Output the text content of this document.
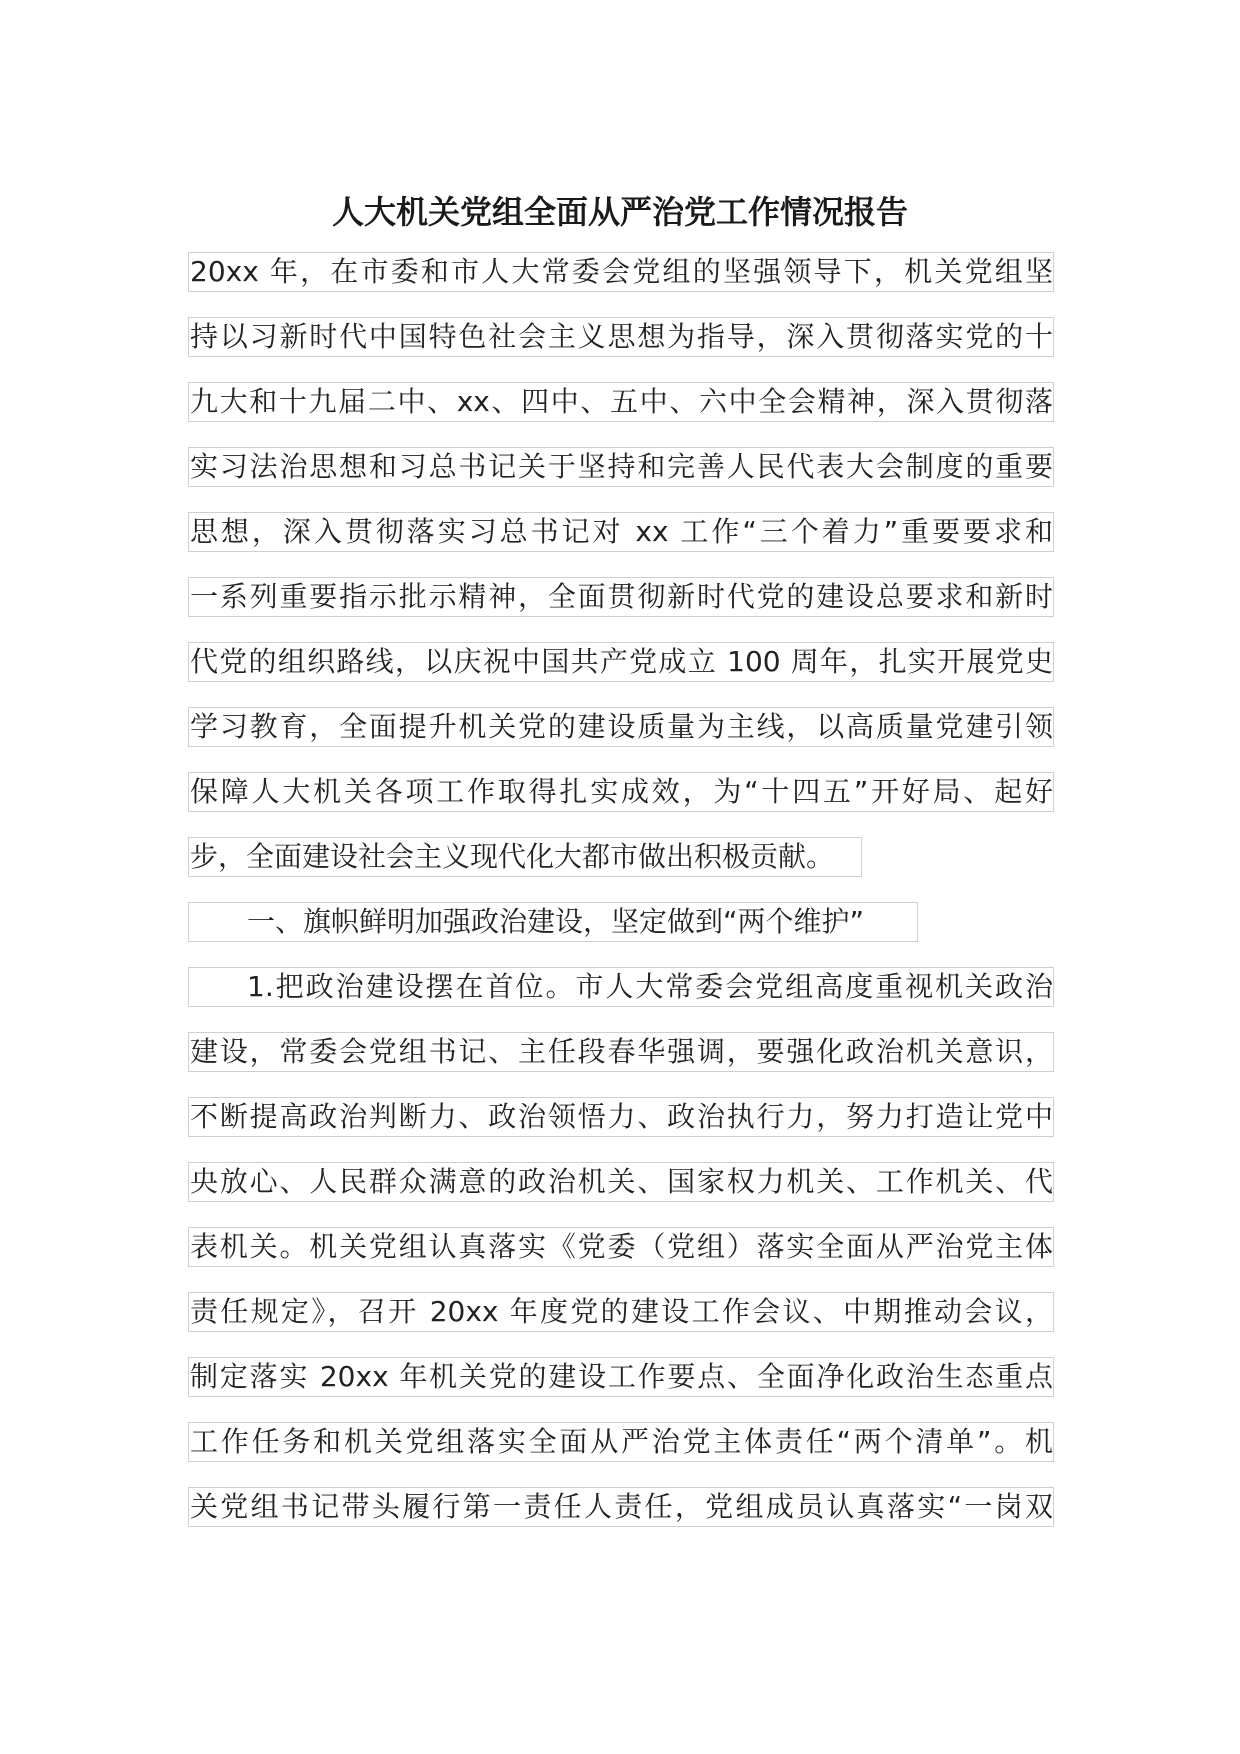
人大机关党组全面从严治党工作情况报告
20xx 年，在市委和市人大常委会党组的坚强领导下，机关党组坚
持以习新时代中国特色社会主义思想为指导，深入贯彻落实党的十
九大和十九届二中、xx、四中、五中、六中全会精神，深入贯彻落
实习法治思想和习总书记关于坚持和完善人民代表大会制度的重要
思想，深入贯彻落实习总书记对 xx 工作“三个着力”重要要求和
一系列重要指示批示精神，全面贯彻新时代党的建设总要求和新时
代党的组织路线，以庆祝中国共产党成立 100 周年，扎实开展党史
学习教育，全面提升机关党的建设质量为主线，以高质量党建引领
保障人大机关各项工作取得扎实成效，为“十四五”开好局、起好
步，全面建设社会主义现代化大都市做出积极贡献。
一、旗帜鲜明加强政治建设，坚定做到“两个维护”
1.把政治建设摆在首位。市人大常委会党组高度重视机关政治
建设，常委会党组书记、主任段春华强调，要强化政治机关意识，
不断提高政治判断力、政治领悟力、政治执行力，努力打造让党中
央放心、人民群众满意的政治机关、国家权力机关、工作机关、代
表机关。机关党组认真落实《党委（党组）落实全面从严治党主体
责任规定》，召开 20xx 年度党的建设工作会议、中期推动会议，
制定落实 20xx 年机关党的建设工作要点、全面净化政治生态重点
工作任务和机关党组落实全面从严治党主体责任“两个清单”。机
关党组书记带头履行第一责任人责任，党组成员认真落实“一岗双
